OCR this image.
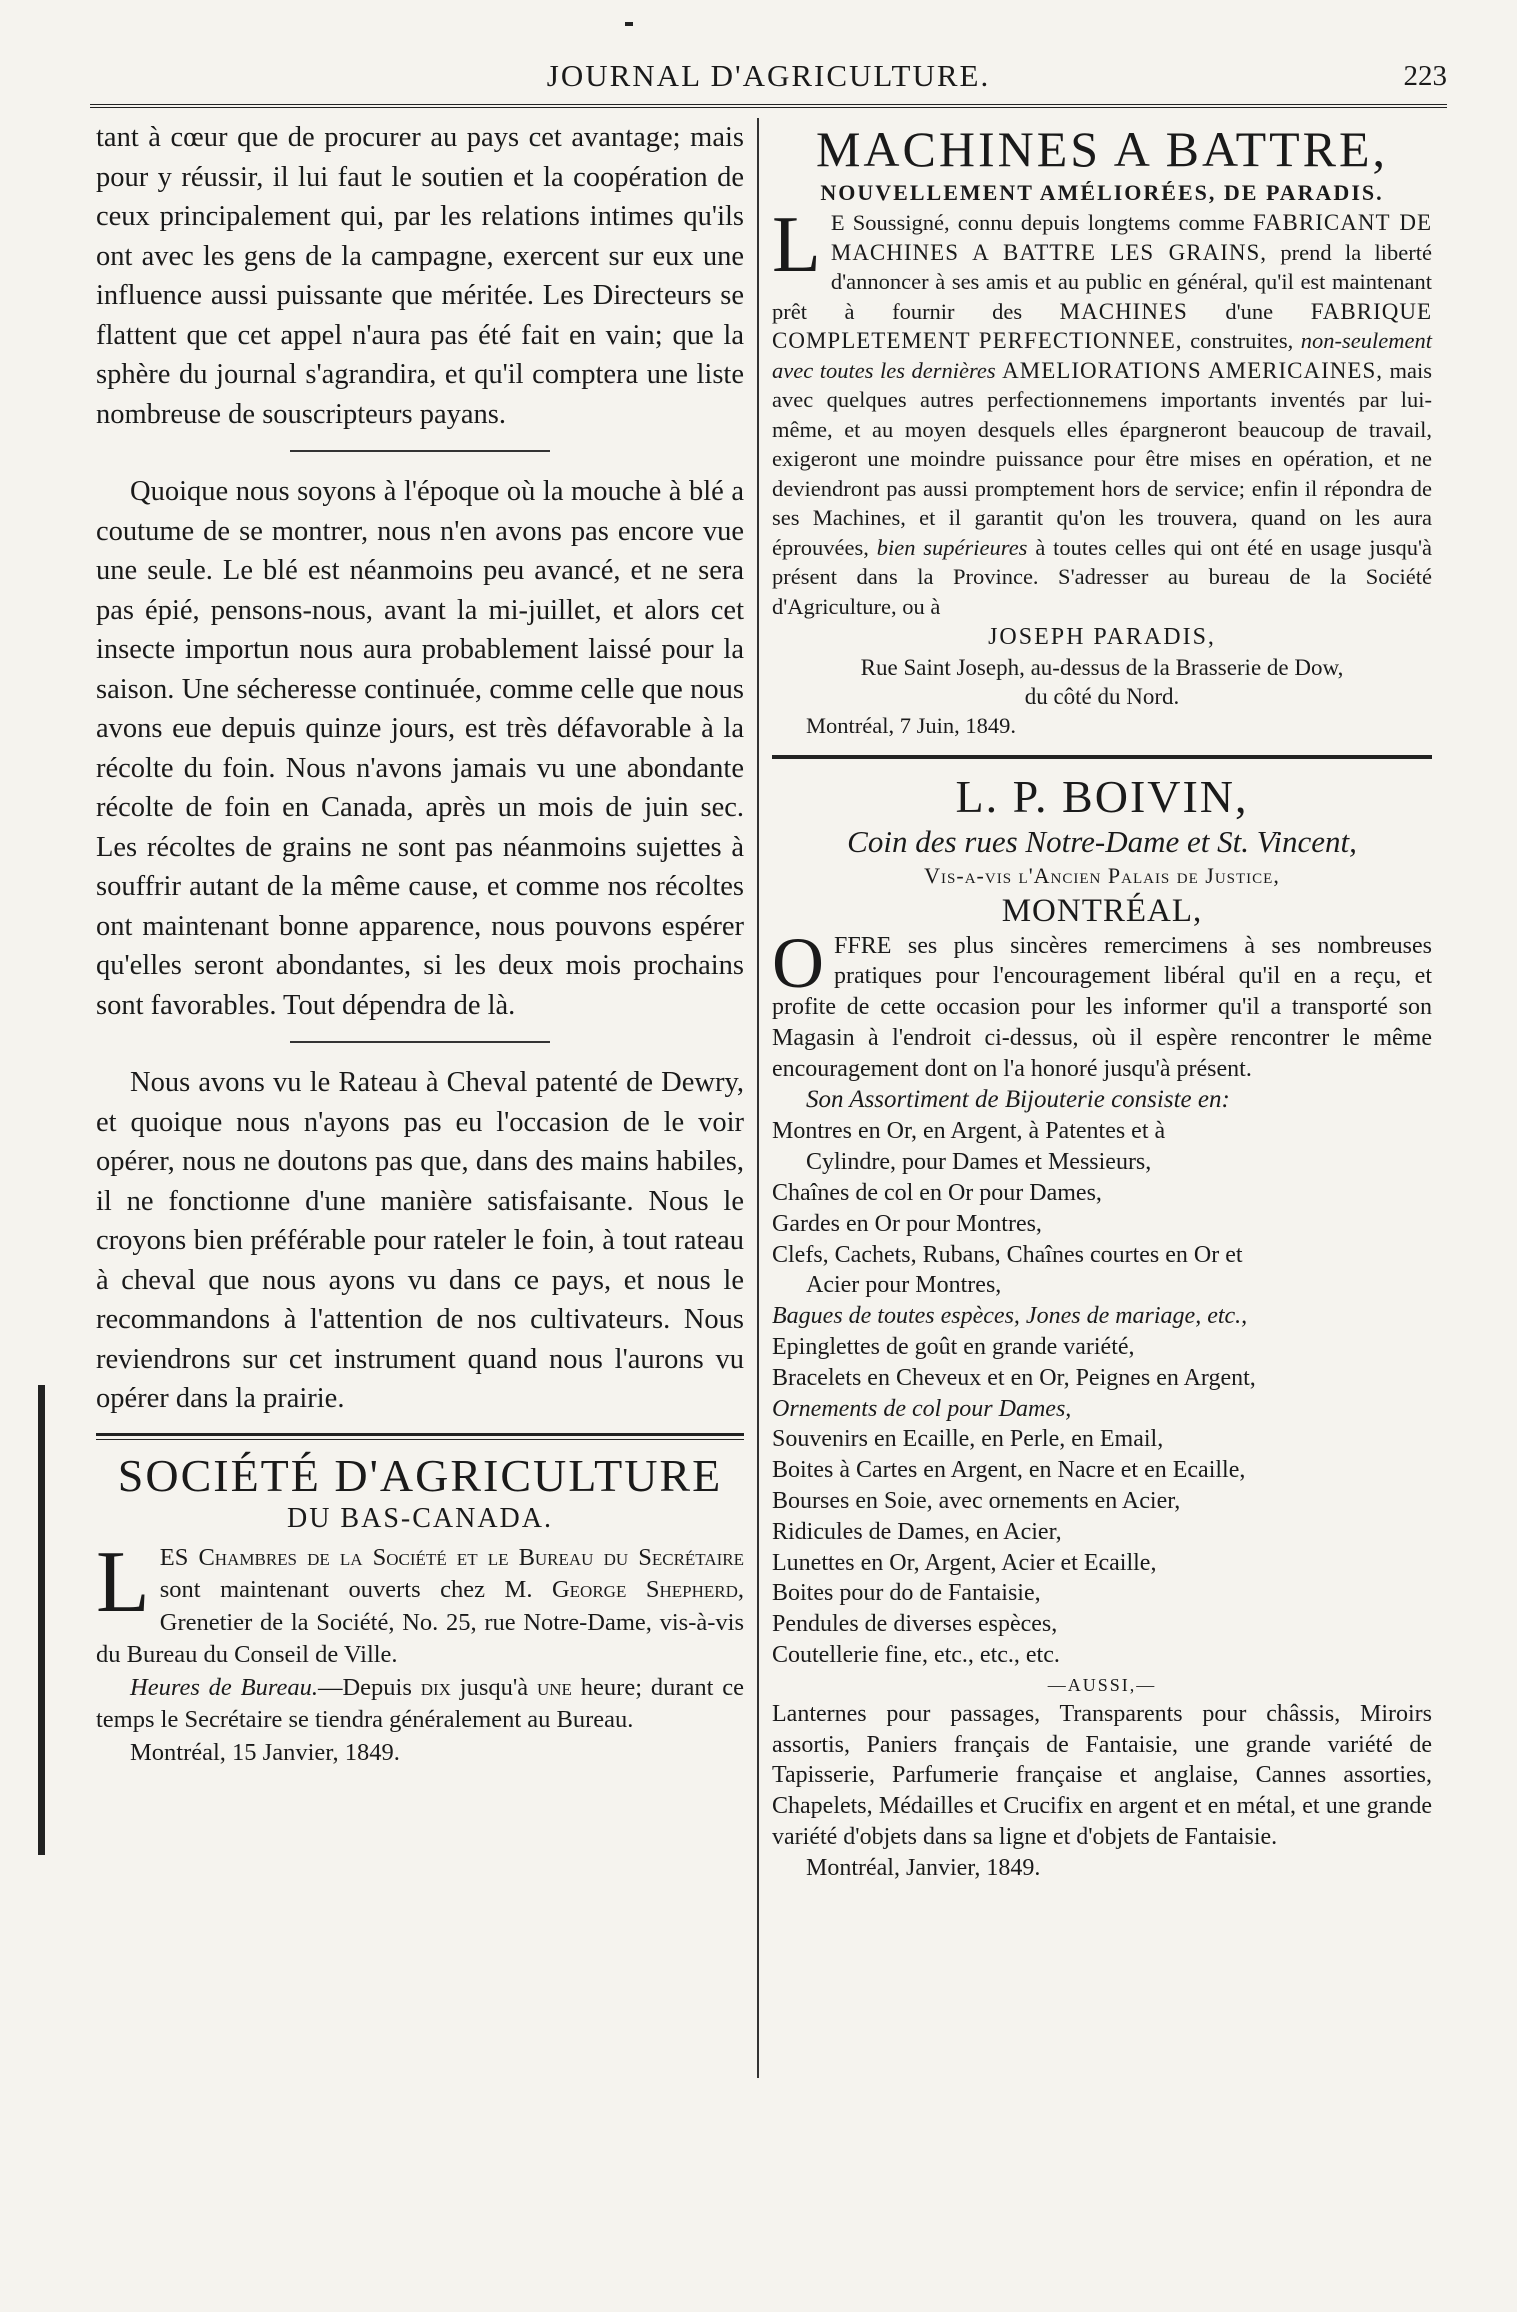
JOURNAL D'AGRICULTURE.	223

tant à cœur que de procurer au pays cet avantage; mais pour y réussir, il lui faut le soutien et la coopération de ceux principalement qui, par les relations intimes qu'ils ont avec les gens de la campagne, exercent sur eux une influence aussi puissante que méritée. Les Directeurs se flattent que cet appel n'aura pas été fait en vain; que la sphère du journal s'agrandira, et qu'il comptera une liste nombreuse de souscripteurs payans.

Quoique nous soyons à l'époque où la mouche à blé a coutume de se montrer, nous n'en avons pas encore vue une seule. Le blé est néanmoins peu avancé, et ne sera pas épié, pensons-nous, avant la mi-juillet, et alors cet insecte importun nous aura probablement laissé pour la saison. Une sécheresse continuée, comme celle que nous avons eue depuis quinze jours, est très défavorable à la récolte du foin. Nous n'avons jamais vu une abondante récolte de foin en Canada, après un mois de juin sec. Les récoltes de grains ne sont pas néanmoins sujettes à souffrir autant de la même cause, et comme nos récoltes ont maintenant bonne apparence, nous pouvons espérer qu'elles seront abondantes, si les deux mois prochains sont favorables. Tout dépendra de là.

Nous avons vu le Rateau à Cheval patenté de Dewry, et quoique nous n'ayons pas eu l'occasion de le voir opérer, nous ne doutons pas que, dans des mains habiles, il ne fonctionne d'une manière satisfaisante. Nous le croyons bien préférable pour rateler le foin, à tout rateau à cheval que nous ayons vu dans ce pays, et nous le recommandons à l'attention de nos cultivateurs. Nous reviendrons sur cet instrument quand nous l'aurons vu opérer dans la prairie.

SOCIÉTÉ D'AGRICULTURE
DU BAS-CANADA.

LES Chambres de la Société et le Bureau du Secrétaire sont maintenant ouverts chez M. George Shepherd, Grenetier de la Société, No. 25, rue Notre-Dame, vis-à-vis du Bureau du Conseil de Ville.

Heures de Bureau.—Depuis dix jusqu'à une heure; durant ce temps le Secrétaire se tiendra généralement au Bureau.

Montréal, 15 Janvier, 1849.

MACHINES A BATTRE,
NOUVELLEMENT AMÉLIORÉES, DE PARADIS.

L E Soussigné, connu depuis longtems comme FABRICANT DE MACHINES A BATTRE LES GRAINS, prend la liberté d'annoncer à ses amis et au public en général, qu'il est maintenant prêt à fournir des MACHINES d'une FABRIQUE COMPLETEMENT PERFECTIONNEE, construites, non-seulement avec toutes les dernières AMELIORATIONS AMERICAINES, mais avec quelques autres perfectionnemens importants inventés par lui-même, et au moyen desquels elles épargneront beaucoup de travail, exigeront une moindre puissance pour être mises en opération, et ne deviendront pas aussi promptement hors de service; enfin il répondra de ses Machines, et il garantit qu'on les trouvera, quand on les aura éprouvées, bien supérieures à toutes celles qui ont été en usage jusqu'à présent dans la Province. S'adresser au bureau de la Société d'Agriculture, ou à

JOSEPH PARADIS,
Rue Saint Joseph, au-dessus de la Brasserie de Dow,
du côté du Nord.
Montréal, 7 Juin, 1849.
L. P. BOIVIN,
Coin des rues Notre-Dame et St. Vincent,
Vis-a-vis l'Ancien Palais de Justice,
MONTRÉAL,

OFFRE ses plus sincères remercimens à ses nombreuses pratiques pour l'encouragement libéral qu'il en a reçu, et profite de cette occasion pour les informer qu'il a transporté son Magasin à l'endroit ci-dessus, où il espère rencontrer le même encouragement dont on l'a honoré jusqu'à présent.

Son Assortiment de Bijouterie consiste en:
Montres en Or, en Argent, à Patentes et à
Cylindre, pour Dames et Messieurs,
Chaînes de col en Or pour Dames,
Gardes en Or pour Montres,
Clefs, Cachets, Rubans, Chaînes courtes en Or et
Acier pour Montres,
Bagues de toutes espèces, Jones de mariage, etc.,
Epinglettes de goût en grande variété,
Bracelets en Cheveux et en Or, Peignes en Argent,
Ornements de col pour Dames,
Souvenirs en Ecaille, en Perle, en Email,
Boites à Cartes en Argent, en Nacre et en Ecaille,
Bourses en Soie, avec ornements en Acier,
Ridicules de Dames, en Acier,
Lunettes en Or, Argent, Acier et Ecaille,
Boites pour do de Fantaisie,
Pendules de diverses espèces,
Coutellerie fine, etc., etc., etc.
—AUSSI,—

Lanternes pour passages, Transparents pour châssis, Miroirs assortis, Paniers français de Fantaisie, une grande variété de Tapisserie, Parfumerie française et anglaise, Cannes assorties, Chapelets, Médailles et Crucifix en argent et en métal, et une grande variété d'objets dans sa ligne et d'objets de Fantaisie.

Montréal, Janvier, 1849.
